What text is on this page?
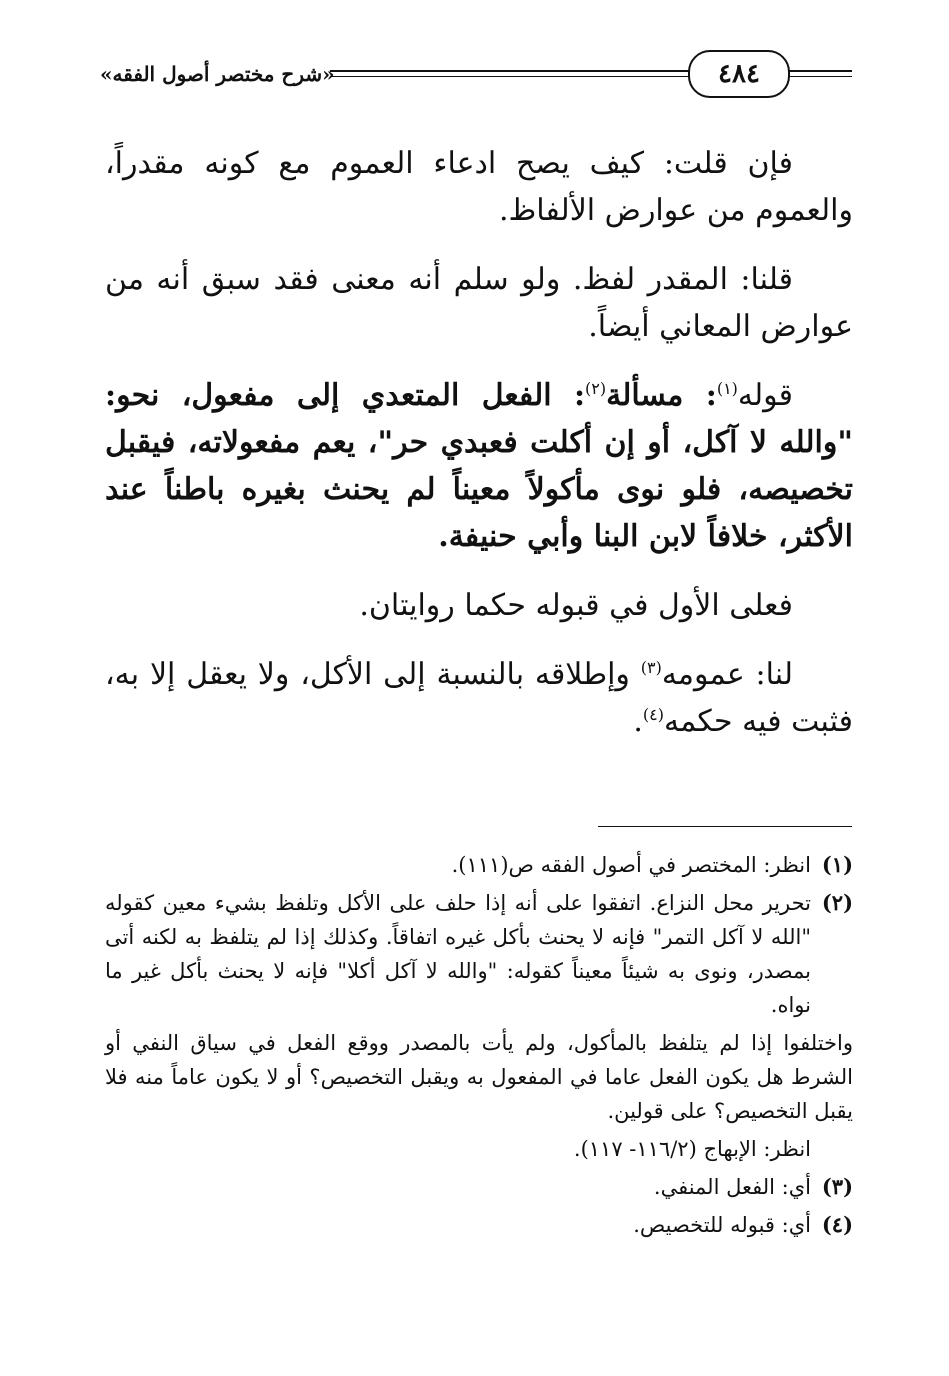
«شرح مختصر أصول الفقه»	٤٨٤

فإن قلت: كيف يصح ادعاء العموم مع كونه مقدراً، والعموم من عوارض الألفاظ.

قلنا: المقدر لفظ. ولو سلم أنه معنى فقد سبق أنه من عوارض المعاني أيضاً.

قوله$^{(١)}$: مسألة$^{(٢)}$: الفعل المتعدي إلى مفعول، نحو: "والله لا آكل، أو إن أكلت فعبدي حر"، يعم مفعولاته، فيقبل تخصيصه، فلو نوى مأكولاً معيناً لم يحنث بغيره باطناً عند الأكثر، خلافاً لابن البنا وأبي حنيفة.

فعلى الأول في قبوله حكما روايتان.

لنا: عمومه$^{(٣)}$ وإطلاقه بالنسبة إلى الأكل، ولا يعقل إلا به، فثبت فيه حكمه$^{(٤)}$.

(١)
انظر: المختصر في أصول الفقه ص(١١١).
(٢)
تحرير محل النزاع. اتفقوا على أنه إذا حلف على الأكل وتلفظ بشيء معين كقوله "الله لا آكل التمر" فإنه لا يحنث بأكل غيره اتفاقاً. وكذلك إذا لم يتلفظ به لكنه أتى بمصدر، ونوى به شيئاً معيناً كقوله: "والله لا آكل أكلا" فإنه لا يحنث بأكل غير ما نواه.
واختلفوا إذا لم يتلفظ بالمأكول، ولم يأت بالمصدر ووقع الفعل في سياق النفي أو الشرط هل يكون الفعل عاما في المفعول به ويقبل التخصيص؟ أو لا يكون عاماً منه فلا يقبل التخصيص؟ على قولين.
انظر: الإبهاج (١١٦/٢- ١١٧).
(٣)
أي: الفعل المنفي.
(٤)
أي: قبوله للتخصيص.
